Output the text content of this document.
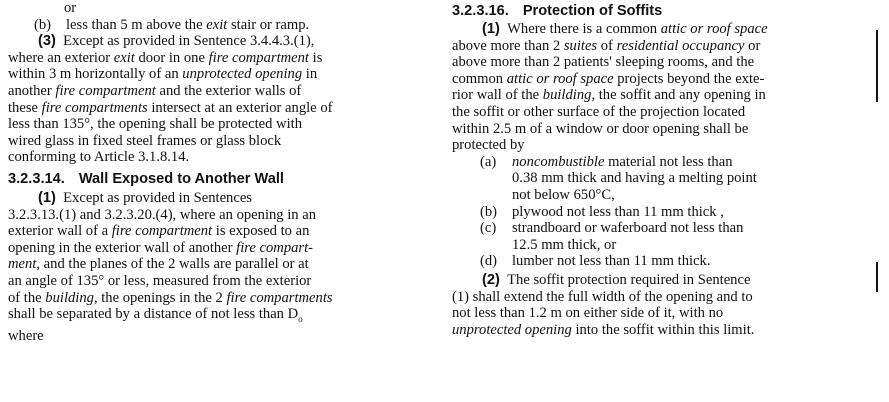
or

(b)	less than 5 m above the exit stair or ramp.

(3) Except as provided in Sentence 3.4.4.3.(1),

where an exterior exit door in one fire compartment is

within 3 m horizontally of an unprotected opening in

another fire compartment and the exterior walls of

these fire compartments intersect at an exterior angle of

less than 135°, the opening shall be protected with

wired glass in fixed steel frames or glass block

conforming to Article 3.1.8.14.

3.2.3.14. Wall Exposed to Another Wall

(1) Except as provided in Sentences

3.2.3.13.(1) and 3.2.3.20.(4), where an opening in an

exterior wall of a fire compartment is exposed to an

opening in the exterior wall of another fire compart-

ment, and the planes of the 2 walls are parallel or at

an angle of 135° or less, measured from the exterior

of the building, the openings in the 2 fire compartments

shall be separated by a distance of not less than $D_o$

where

3.2.3.16. Protection of Soffits

(1) Where there is a common attic or roof space

above more than 2 suites of residential occupancy or

above more than 2 patients' sleeping rooms, and the

common attic or roof space projects beyond the exte-

rior wall of the building, the soffit and any opening in

the soffit or other surface of the projection located

within 2.5 m of a window or door opening shall be

protected by

(a)	noncombustible material not less than
0.38 mm thick and having a melting point
not below 650°C,
(b)	plywood not less than 11 mm thick ,
(c)	strandboard or waferboard not less than
12.5 mm thick, or
(d)	lumber not less than 11 mm thick.

(2) The soffit protection required in Sentence

(1) shall extend the full width of the opening and to

not less than 1.2 m on either side of it, with no

unprotected opening into the soffit within this limit.
